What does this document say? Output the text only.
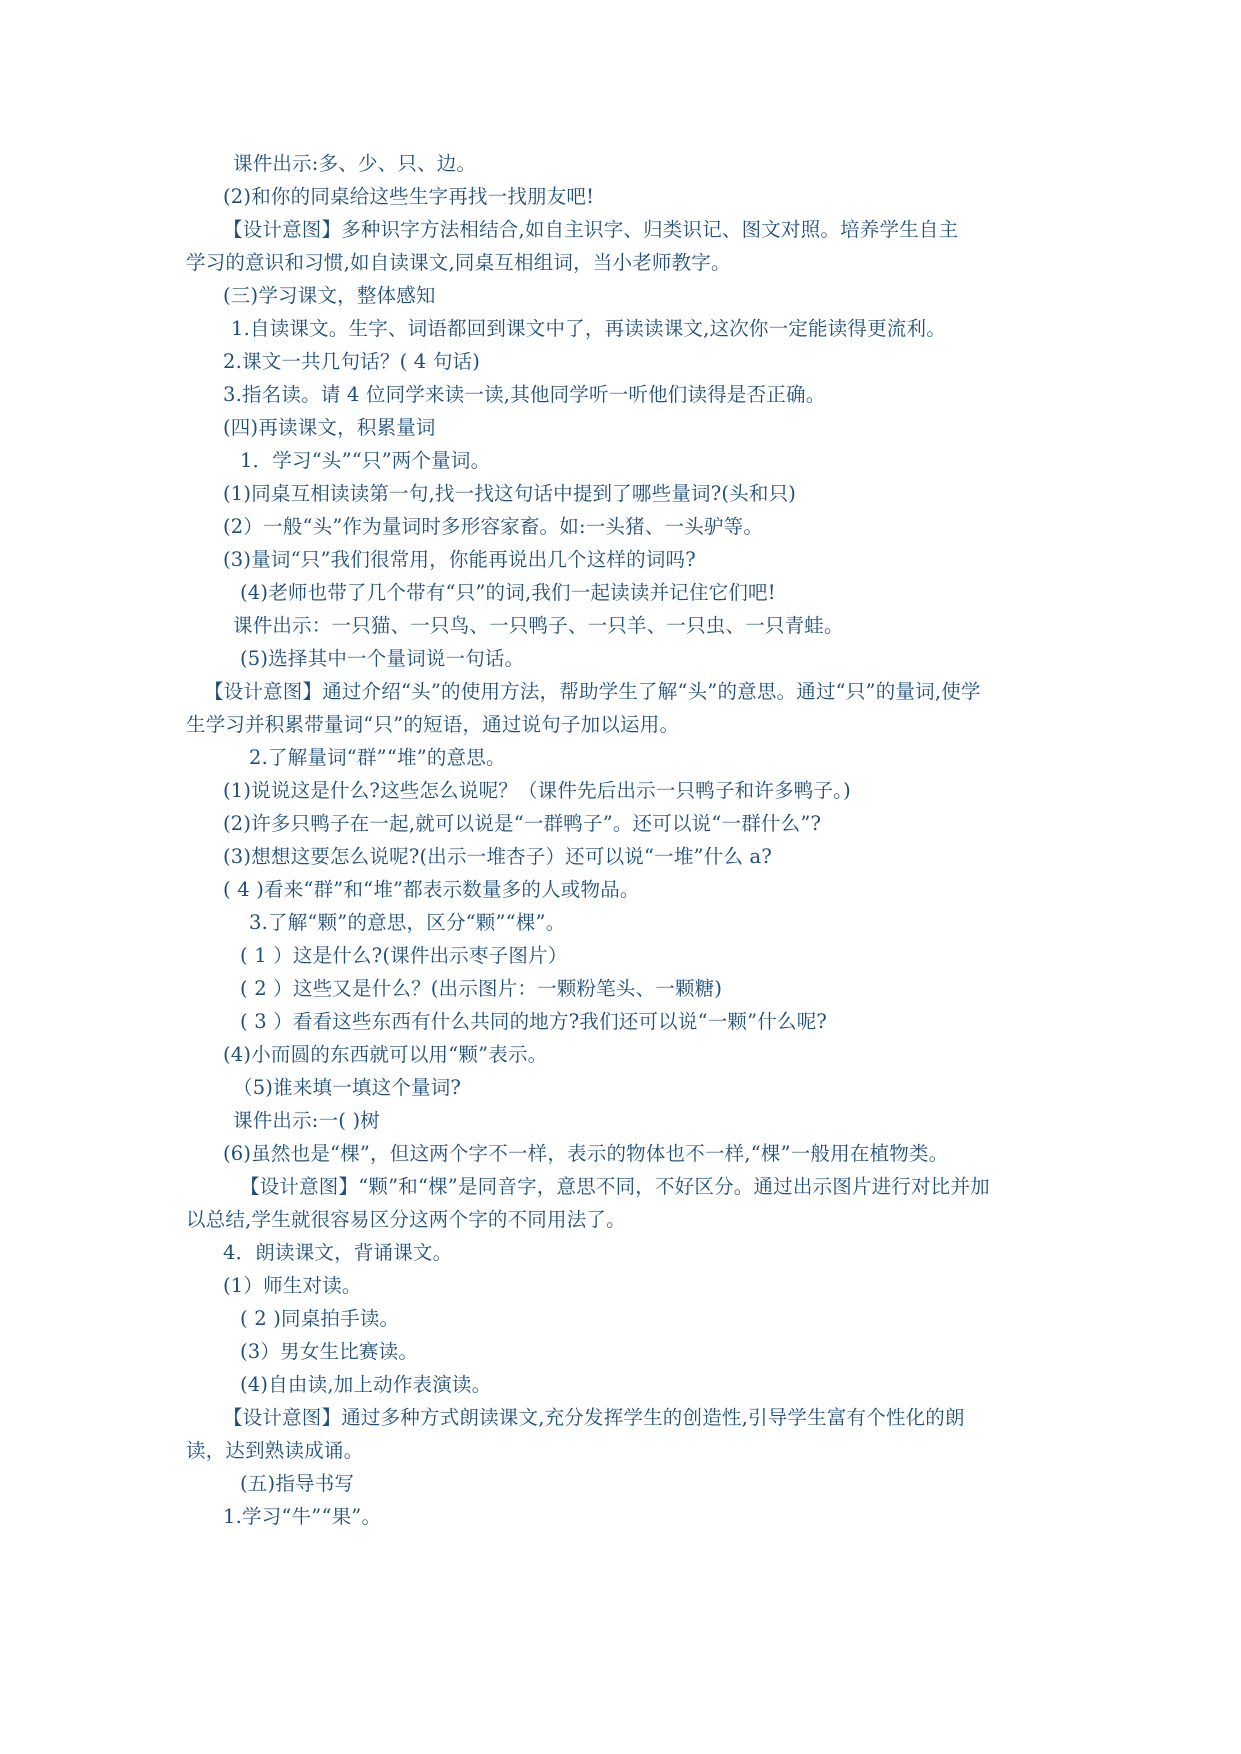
课件出示:多、少、只、边。
(2)和你的同桌给这些生字再找一找朋友吧!
【设计意图】多种识字方法相结合,如自主识字、归类识记、图文对照。培养学生自主
学习的意识和习惯,如自读课文,同桌互相组词，当小老师教字。
(三)学习课文，整体感知
1.自读课文。生字、词语都回到课文中了，再读读课文,这次你一定能读得更流利。
2.课文一共几句话？( 4 句话)
3.指名读。请 4 位同学来读一读,其他同学听一听他们读得是否正确。
(四)再读课文，积累量词
1．学习“头”“只”两个量词。
(1)同桌互相读读第一句,找一找这句话中提到了哪些量词?(头和只)
(2）一般“头”作为量词时多形容家畜。如:一头猪、一头驴等。
(3)量词“只”我们很常用，你能再说出几个这样的词吗?
(4)老师也带了几个带有“只”的词,我们一起读读并记住它们吧!
课件出示：一只猫、一只鸟、一只鸭子、一只羊、一只虫、一只青蛙。
(5)选择其中一个量词说一句话。
【设计意图】通过介绍“头”的使用方法，帮助学生了解“头”的意思。通过“只”的量词,使学
生学习并积累带量词“只”的短语，通过说句子加以运用。
2.了解量词“群”“堆”的意思。
(1)说说这是什么?这些怎么说呢？（课件先后出示一只鸭子和许多鸭子。)
(2)许多只鸭子在一起,就可以说是“一群鸭子”。还可以说“一群什么”?
(3)想想这要怎么说呢?(出示一堆杏子）还可以说“一堆”什么 a?
( 4 )看来“群”和“堆”都表示数量多的人或物品。
3.了解“颗”的意思，区分“颗”“棵”。
( 1 ）这是什么?(课件出示枣子图片）
( 2 ）这些又是什么？(出示图片：一颗粉笔头、一颗糖)
( 3 ）看看这些东西有什么共同的地方?我们还可以说“一颗”什么呢?
(4)小而圆的东西就可以用“颗”表示。
（5)谁来填一填这个量词?
课件出示:一( )树
(6)虽然也是“棵”，但这两个字不一样，表示的物体也不一样,“棵”一般用在植物类。
【设计意图】“颗”和“棵”是同音字，意思不同，不好区分。通过出示图片进行对比并加
以总结,学生就很容易区分这两个字的不同用法了。
4．朗读课文，背诵课文。
(1）师生对读。
( 2 )同桌拍手读。
(3）男女生比赛读。
(4)自由读,加上动作表演读。
【设计意图】通过多种方式朗读课文,充分发挥学生的创造性,引导学生富有个性化的朗
读，达到熟读成诵。
(五)指导书写
1.学习“牛”“果”。
